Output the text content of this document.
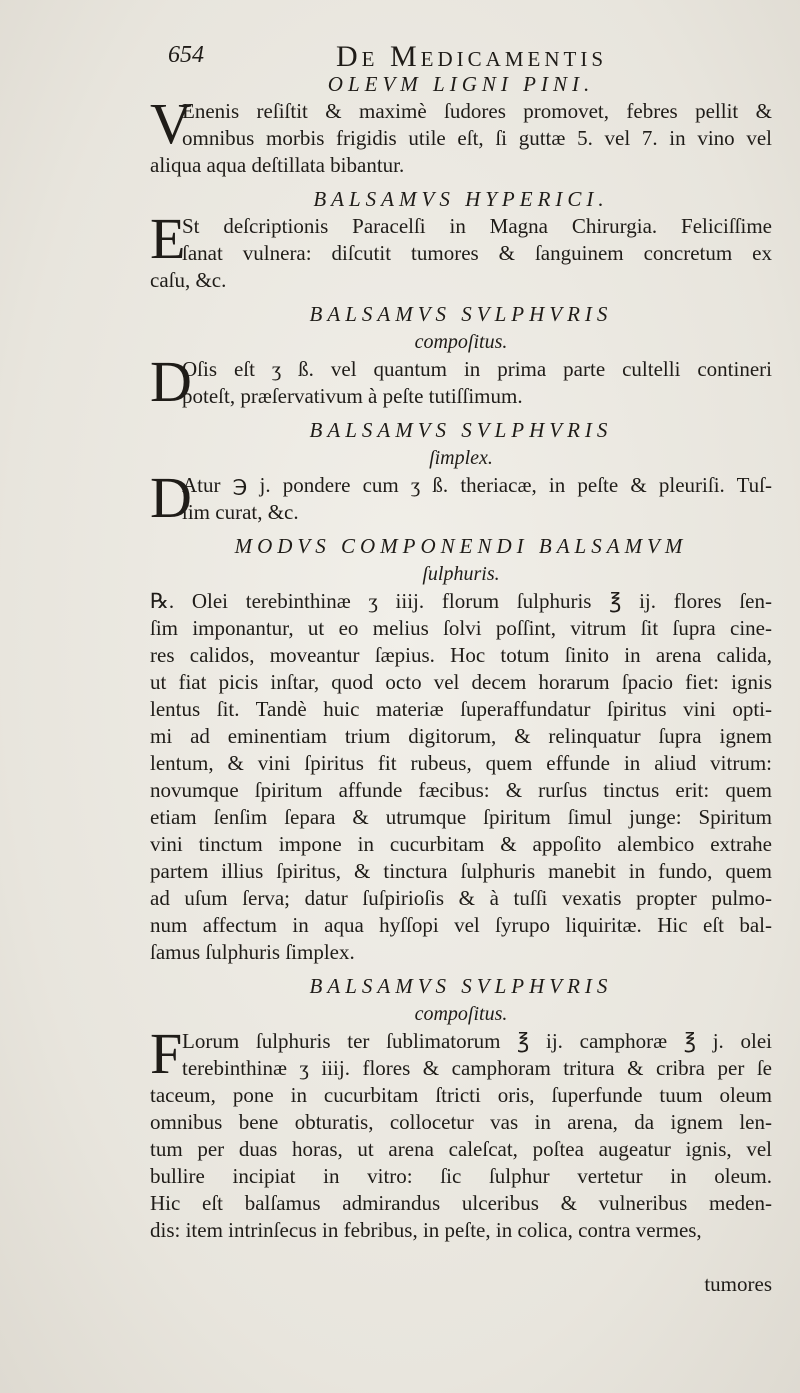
654	De Medicamentis
OLEVM LIGNI PINI.
V
Enenis reſiſtit & maximè ſudores promovet, febres pellit &
omnibus morbis frigidis utile eſt, ſi guttæ 5. vel 7. in vino vel
aliqua aqua deſtillata bibantur.
BALSAMVS HYPERICI.
E
St deſcriptionis Paracelſi in Magna Chirurgia. Feliciſſime
ſanat vulnera: diſcutit tumores & ſanguinem concretum ex
caſu, &c.
BALSAMVS SVLPHVRIS
compoſitus.
D
Oſis eſt ʒ ß. vel quantum in prima parte cultelli contineri
poteſt, præſervativum à peſte tutiſſimum.
BALSAMVS SVLPHVRIS
ſimplex.
D
Atur ℈ j. pondere cum ʒ ß. theriacæ, in peſte & pleuriſi. Tuſ-
ſim curat, &c.
MODVS COMPONENDI BALSAMVM
ſulphuris.
℞. Olei terebinthinæ ʒ iiij. florum ſulphuris ℥ ij. flores ſen-
ſim imponantur, ut eo melius ſolvi poſſint, vitrum ſit ſupra cine-
res calidos, moveantur ſæpius. Hoc totum ſinito in arena calida,
ut fiat picis inſtar, quod octo vel decem horarum ſpacio fiet: ignis
lentus ſit. Tandè huic materiæ ſuperaffundatur ſpiritus vini opti-
mi ad eminentiam trium digitorum, & relinquatur ſupra ignem
lentum, & vini ſpiritus fit rubeus, quem effunde in aliud vitrum:
novumque ſpiritum affunde fæcibus: & rurſus tinctus erit: quem
etiam ſenſim ſepara & utrumque ſpiritum ſimul junge: Spiritum
vini tinctum impone in cucurbitam & appoſito alembico extrahe
partem illius ſpiritus, & tinctura ſulphuris manebit in fundo, quem
ad uſum ſerva; datur ſuſpirioſis & à tuſſi vexatis propter pulmo-
num affectum in aqua hyſſopi vel ſyrupo liquiritæ. Hic eſt bal-
ſamus ſulphuris ſimplex.
BALSAMVS SVLPHVRIS
compoſitus.
F Lorum ſulphuris ter ſublimatorum ℥ ij. camphoræ ℥ j. olei
terebinthinæ ʒ iiij. flores & camphoram tritura & cribra per ſe
taceum, pone in cucurbitam ſtricti oris, ſuperfunde tuum oleum
omnibus bene obturatis, collocetur vas in arena, da ignem len-
tum per duas horas, ut arena caleſcat, poſtea augeatur ignis, vel
bullire incipiat in vitro: ſic ſulphur vertetur in oleum.
Hic eſt balſamus admirandus ulceribus & vulneribus meden-
dis: item intrinſecus in febribus, in peſte, in colica, contra vermes,
tumores
